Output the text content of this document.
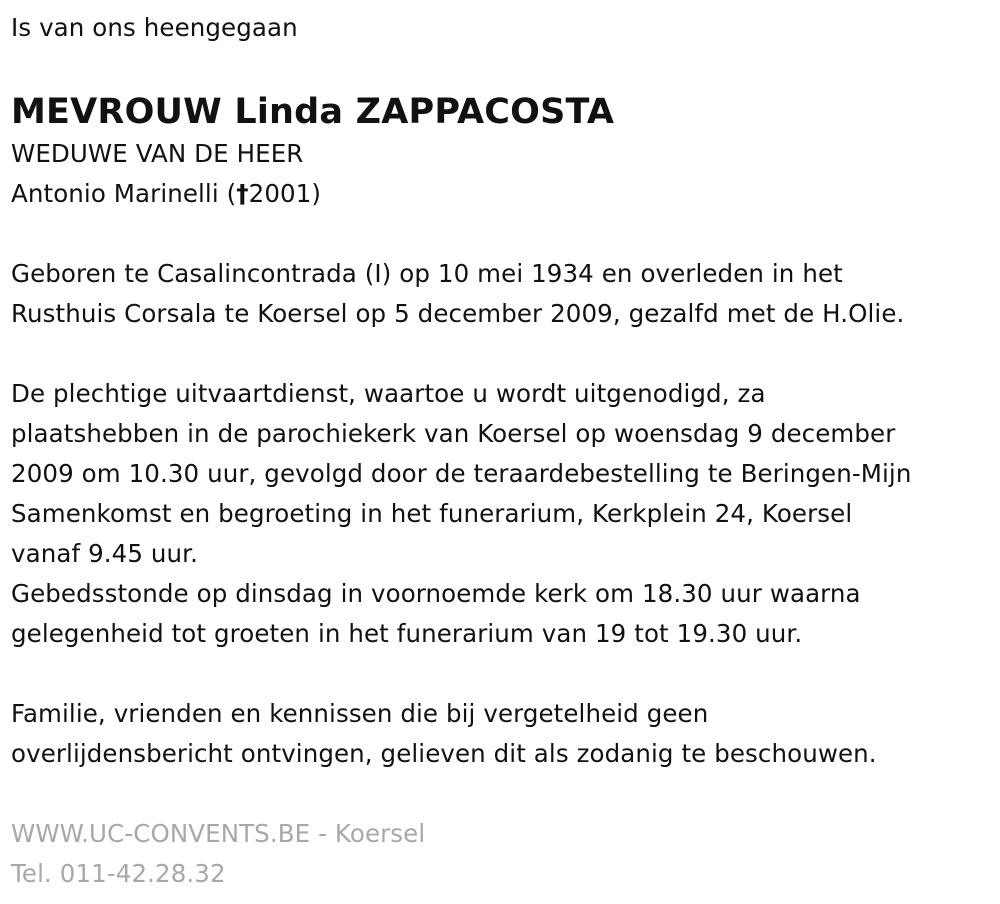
Is van ons heengegaan
MEVROUW Linda ZAPPACOSTA
WEDUWE VAN DE HEER
Antonio Marinelli (†2001)
Geboren te Casalincontrada (I) op 10 mei 1934 en overleden in het
Rusthuis Corsala te Koersel op 5 december 2009, gezalfd met de H.Olie.
De plechtige uitvaartdienst, waartoe u wordt uitgenodigd, za
plaatshebben in de parochiekerk van Koersel op woensdag 9 december
2009 om 10.30 uur, gevolgd door de teraardebestelling te Beringen-Mijn
Samenkomst en begroeting in het funerarium, Kerkplein 24, Koersel
vanaf 9.45 uur.
Gebedsstonde op dinsdag in voornoemde kerk om 18.30 uur waarna
gelegenheid tot groeten in het funerarium van 19 tot 19.30 uur.
Familie, vrienden en kennissen die bij vergetelheid geen
overlijdensbericht ontvingen, gelieven dit als zodanig te beschouwen.
WWW.UC-CONVENTS.BE - Koersel
Tel. 011-42.28.32
